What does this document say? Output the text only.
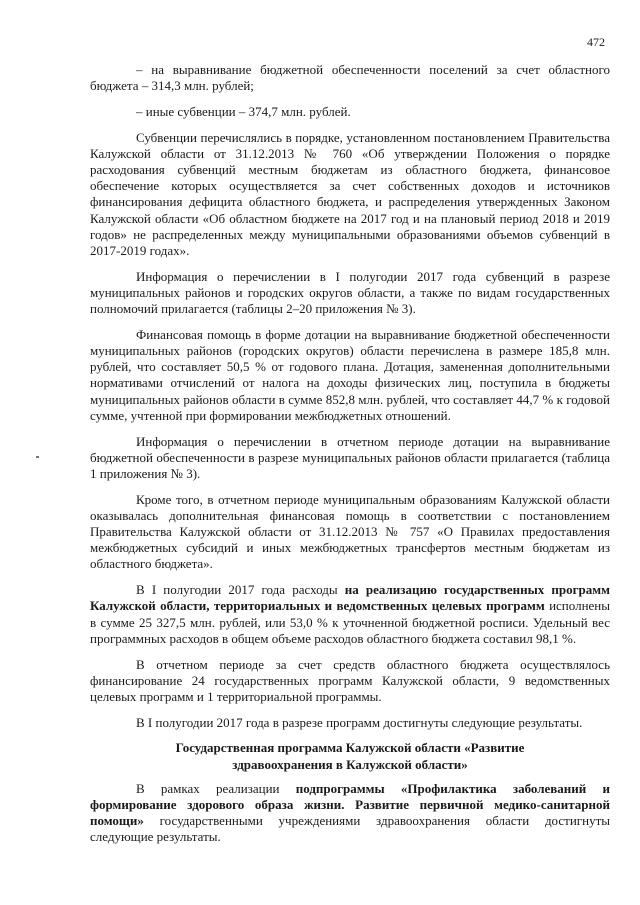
472

– на выравнивание бюджетной обеспеченности поселений за счет областного бюджета – 314,3 млн. рублей;

– иные субвенции – 374,7 млн. рублей.

Субвенции перечислялись в порядке, установленном постановлением Правительства Калужской области от 31.12.2013 № 760 «Об утверждении Положения о порядке расходования субвенций местным бюджетам из областного бюджета, финансовое обеспечение которых осуществляется за счет собственных доходов и источников финансирования дефицита областного бюджета, и распределения утвержденных Законом Калужской области «Об областном бюджете на 2017 год и на плановый период 2018 и 2019 годов» не распределенных между муниципальными образованиями объемов субвенций в 2017-2019 годах».

Информация о перечислении в I полугодии 2017 года субвенций в разрезе муниципальных районов и городских округов области, а также по видам государственных полномочий прилагается (таблицы 2–20 приложения № 3).

Финансовая помощь в форме дотации на выравнивание бюджетной обеспеченности муниципальных районов (городских округов) области перечислена в размере 185,8 млн. рублей, что составляет 50,5 % от годового плана. Дотация, замененная дополнительными нормативами отчислений от налога на доходы физических лиц, поступила в бюджеты муниципальных районов области в сумме 852,8 млн. рублей, что составляет 44,7 % к годовой сумме, учтенной при формировании межбюджетных отношений.

Информация о перечислении в отчетном периоде дотации на выравнивание бюджетной обеспеченности в разрезе муниципальных районов области прилагается (таблица 1 приложения № 3).

Кроме того, в отчетном периоде муниципальным образованиям Калужской области оказывалась дополнительная финансовая помощь в соответствии с постановлением Правительства Калужской области от 31.12.2013 № 757 «О Правилах предоставления межбюджетных субсидий и иных межбюджетных трансфертов местным бюджетам из областного бюджета».

В I полугодии 2017 года расходы на реализацию государственных программ Калужской области, территориальных и ведомственных целевых программ исполнены в сумме 25 327,5 млн. рублей, или 53,0 % к уточненной бюджетной росписи. Удельный вес программных расходов в общем объеме расходов областного бюджета составил 98,1 %.

В отчетном периоде за счет средств областного бюджета осуществлялось финансирование 24 государственных программ Калужской области, 9 ведомственных целевых программ и 1 территориальной программы.

В I полугодии 2017 года в разрезе программ достигнуты следующие результаты.

Государственная программа Калужской области «Развитие здравоохранения в Калужской области»

В рамках реализации подпрограммы «Профилактика заболеваний и формирование здорового образа жизни. Развитие первичной медико-санитарной помощи» государственными учреждениями здравоохранения области достигнуты следующие результаты.
